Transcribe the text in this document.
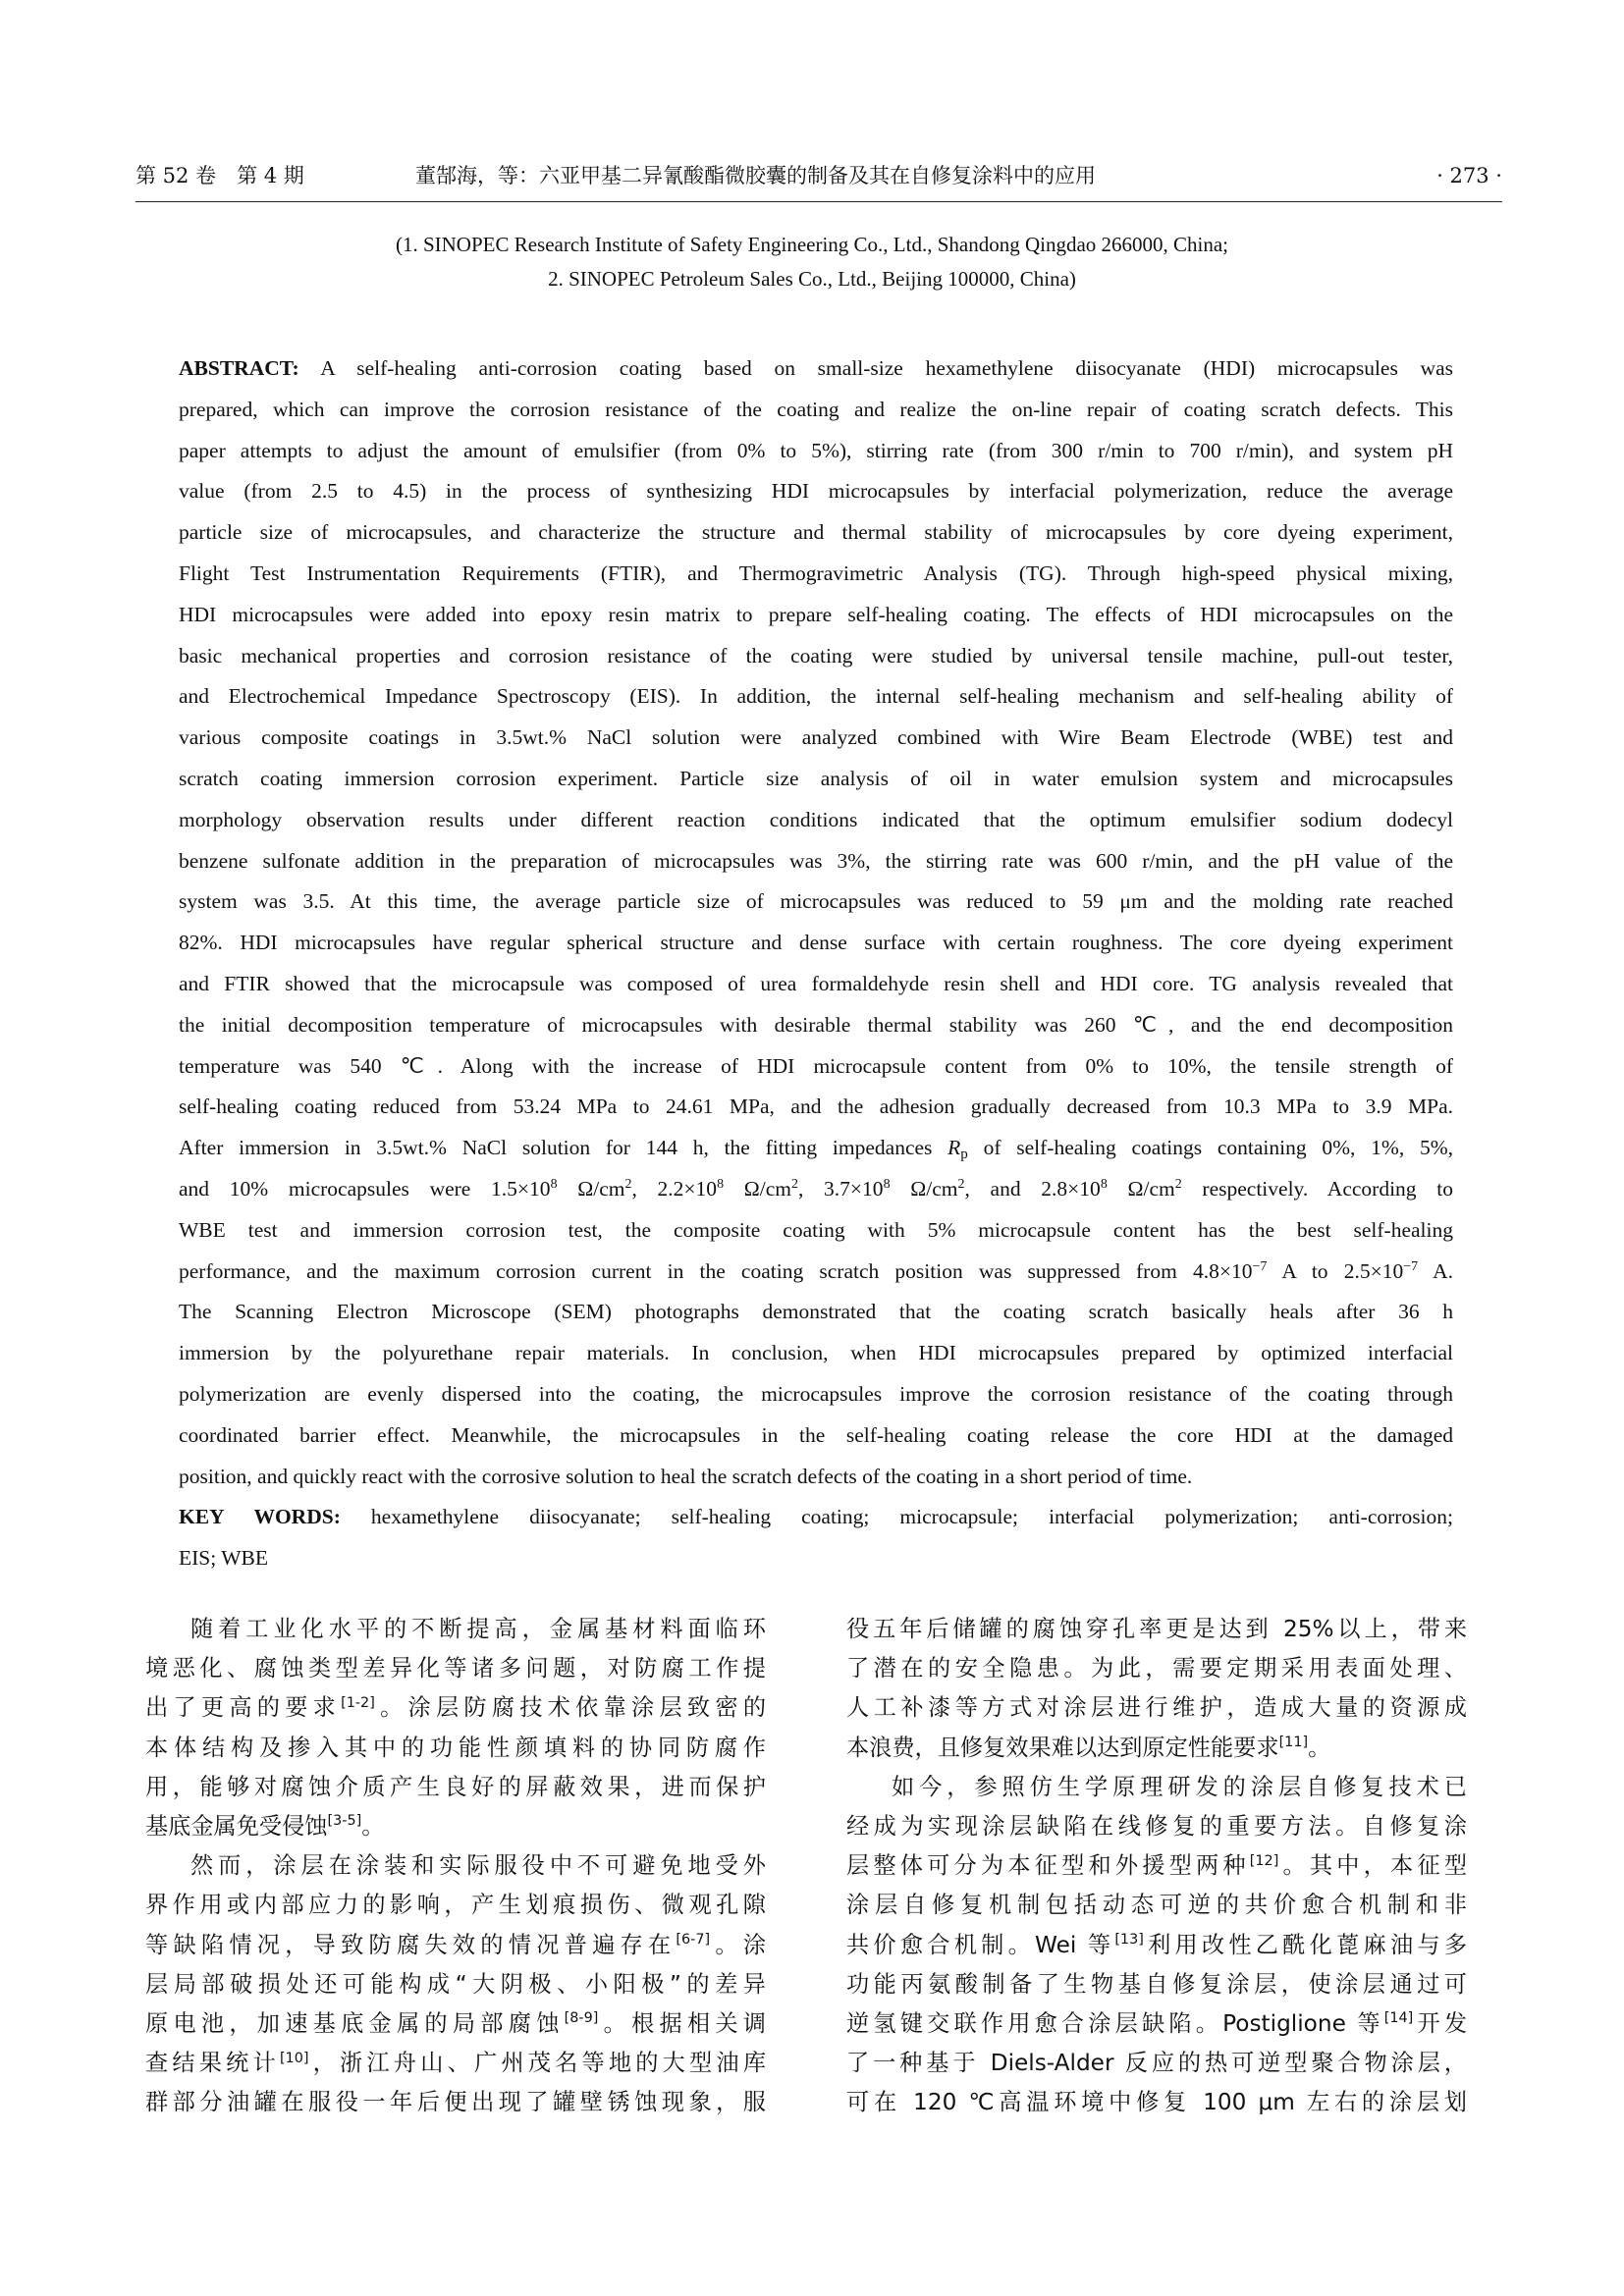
第 52 卷　第 4 期	董郜海，等：六亚甲基二异氰酸酯微胶囊的制备及其在自修复涂料中的应用	· 273 ·
(1. SINOPEC Research Institute of Safety Engineering Co., Ltd., Shandong Qingdao 266000, China;
2. SINOPEC Petroleum Sales Co., Ltd., Beijing 100000, China)
ABSTRACT: A self-healing anti-corrosion coating based on small-size hexamethylene diisocyanate (HDI) microcapsules was
prepared, which can improve the corrosion resistance of the coating and realize the on-line repair of coating scratch defects. This
paper attempts to adjust the amount of emulsifier (from 0% to 5%), stirring rate (from 300 r/min to 700 r/min), and system pH
value (from 2.5 to 4.5) in the process of synthesizing HDI microcapsules by interfacial polymerization, reduce the average
particle size of microcapsules, and characterize the structure and thermal stability of microcapsules by core dyeing experiment,
Flight Test Instrumentation Requirements (FTIR), and Thermogravimetric Analysis (TG). Through high-speed physical mixing,
HDI microcapsules were added into epoxy resin matrix to prepare self-healing coating. The effects of HDI microcapsules on the
basic mechanical properties and corrosion resistance of the coating were studied by universal tensile machine, pull-out tester,
and Electrochemical Impedance Spectroscopy (EIS). In addition, the internal self-healing mechanism and self-healing ability of
various composite coatings in 3.5wt.% NaCl solution were analyzed combined with Wire Beam Electrode (WBE) test and
scratch coating immersion corrosion experiment. Particle size analysis of oil in water emulsion system and microcapsules
morphology observation results under different reaction conditions indicated that the optimum emulsifier sodium dodecyl
benzene sulfonate addition in the preparation of microcapsules was 3%, the stirring rate was 600 r/min, and the pH value of the
system was 3.5. At this time, the average particle size of microcapsules was reduced to 59 μm and the molding rate reached
82%. HDI microcapsules have regular spherical structure and dense surface with certain roughness. The core dyeing experiment
and FTIR showed that the microcapsule was composed of urea formaldehyde resin shell and HDI core. TG analysis revealed that
the initial decomposition temperature of microcapsules with desirable thermal stability was 260 ℃, and the end decomposition
temperature was 540 ℃. Along with the increase of HDI microcapsule content from 0% to 10%, the tensile strength of
self-healing coating reduced from 53.24 MPa to 24.61 MPa, and the adhesion gradually decreased from 10.3 MPa to 3.9 MPa.
After immersion in 3.5wt.% NaCl solution for 144 h, the fitting impedances Rp of self-healing coatings containing 0%, 1%, 5%,
and 10% microcapsules were $1.5\times 10^8$ $\Omega/cm^2$, $2.2\times 10^8$ $\Omega/cm^2$, $3.7\times 10^8$ $\Omega/cm^2$, and $2.8\times 10^8$ $\Omega/cm^2$ respectively. According to
WBE test and immersion corrosion test, the composite coating with 5% microcapsule content has the best self-healing
performance, and the maximum corrosion current in the coating scratch position was suppressed from $4.8\times 10^{-7}$ A to $2.5\times 10^{-7}$ A.
The Scanning Electron Microscope (SEM) photographs demonstrated that the coating scratch basically heals after 36 h
immersion by the polyurethane repair materials. In conclusion, when HDI microcapsules prepared by optimized interfacial
polymerization are evenly dispersed into the coating, the microcapsules improve the corrosion resistance of the coating through
coordinated barrier effect. Meanwhile, the microcapsules in the self-healing coating release the core HDI at the damaged
position, and quickly react with the corrosive solution to heal the scratch defects of the coating in a short period of time.
KEY WORDS: hexamethylene diisocyanate; self-healing coating; microcapsule; interfacial polymerization; anti-corrosion;
EIS; WBE
随着工业化水平的不断提高，金属基材料面临环
境恶化、腐蚀类型差异化等诸多问题，对防腐工作提
出了更高的要求[1-2]。涂层防腐技术依靠涂层致密的
本体结构及掺入其中的功能性颜填料的协同防腐作
用，能够对腐蚀介质产生良好的屏蔽效果，进而保护
基底金属免受侵蚀[3-5]。
然而，涂层在涂装和实际服役中不可避免地受外
界作用或内部应力的影响，产生划痕损伤、微观孔隙
等缺陷情况，导致防腐失效的情况普遍存在[6-7]。涂
层局部破损处还可能构成“大阴极、小阳极”的差异
原电池，加速基底金属的局部腐蚀[8-9]。根据相关调
查结果统计[10]，浙江舟山、广州茂名等地的大型油库
群部分油罐在服役一年后便出现了罐壁锈蚀现象，服
役五年后储罐的腐蚀穿孔率更是达到 25%以上，带来
了潜在的安全隐患。为此，需要定期采用表面处理、
人工补漆等方式对涂层进行维护，造成大量的资源成
本浪费，且修复效果难以达到原定性能要求[11]。
如今，参照仿生学原理研发的涂层自修复技术已
经成为实现涂层缺陷在线修复的重要方法。自修复涂
层整体可分为本征型和外援型两种[12]。其中，本征型
涂层自修复机制包括动态可逆的共价愈合机制和非
共价愈合机制。Wei 等[13]利用改性乙酰化蓖麻油与多
功能丙氨酸制备了生物基自修复涂层，使涂层通过可
逆氢键交联作用愈合涂层缺陷。Postiglione 等[14]开发
了一种基于 Diels-Alder 反应的热可逆型聚合物涂层，
可在 120 ℃高温环境中修复 100 μm 左右的涂层划
